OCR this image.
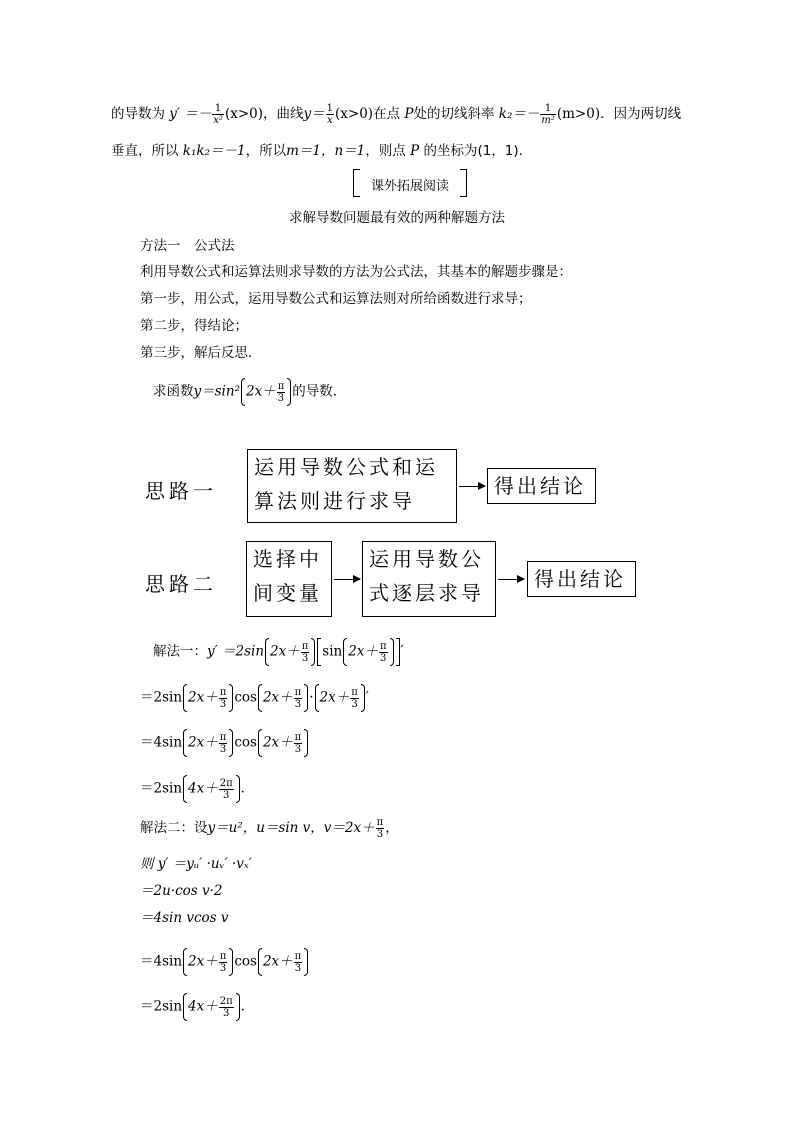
的导数为 $y' =- \frac{1}{\text{x²}} (x>0)$，曲线$y= \frac{1}{x} (x>0)$在点 P处的切线斜率 $k_2=- \frac{1}{\text{m²}} (m>0)$．因为两切线
垂直，所以 k₁k₂＝－1，所以m＝1，n＝1，则点 P 的坐标为(1，1)．
课外拓展阅读
求解导数问题最有效的两种解题方法
方法一　公式法
利用导数公式和运算法则求导数的方法为公式法，其基本的解题步骤是：
第一步，用公式，运用导数公式和运算法则对所给函数进行求导；
第二步，得结论；
第三步，解后反思．
求函数y＝sin² $2x+ \frac{\pi}{3}$ 的导数．
思路一
运用导数公式和运
算法则进行求导
得出结论
思路二
选择中
间变量
运用导数公
式逐层求导
得出结论
解法一：y′ ＝2sin $2x+ \frac{\pi}{3}$ $\sin 2x+ \frac{\pi}{3}$ ′
＝2sin $2x+ \frac{\pi}{3}$ $\cos 2x+ \frac{\pi}{3} \cdot 2x+ \frac{\pi}{3}$ ′
＝4sin $2x+ \frac{\pi}{3}$ $\cos 2x+ \frac{\pi}{3}$
＝2sin $4x+ \frac{2\pi}{3}$ ．
解法二：设y＝u²，u＝sin v，$v=2x+ \frac{\pi}{3}$ ，
则 y′ ＝yᵤ′ ·uᵥ′ ·vₓ′
＝2u·cos v·2
＝4sin vcos v
＝4sin $2x+ \frac{\pi}{3}$ $\cos 2x+ \frac{\pi}{3}$
＝2sin $4x+ \frac{2\pi}{3}$ ．
